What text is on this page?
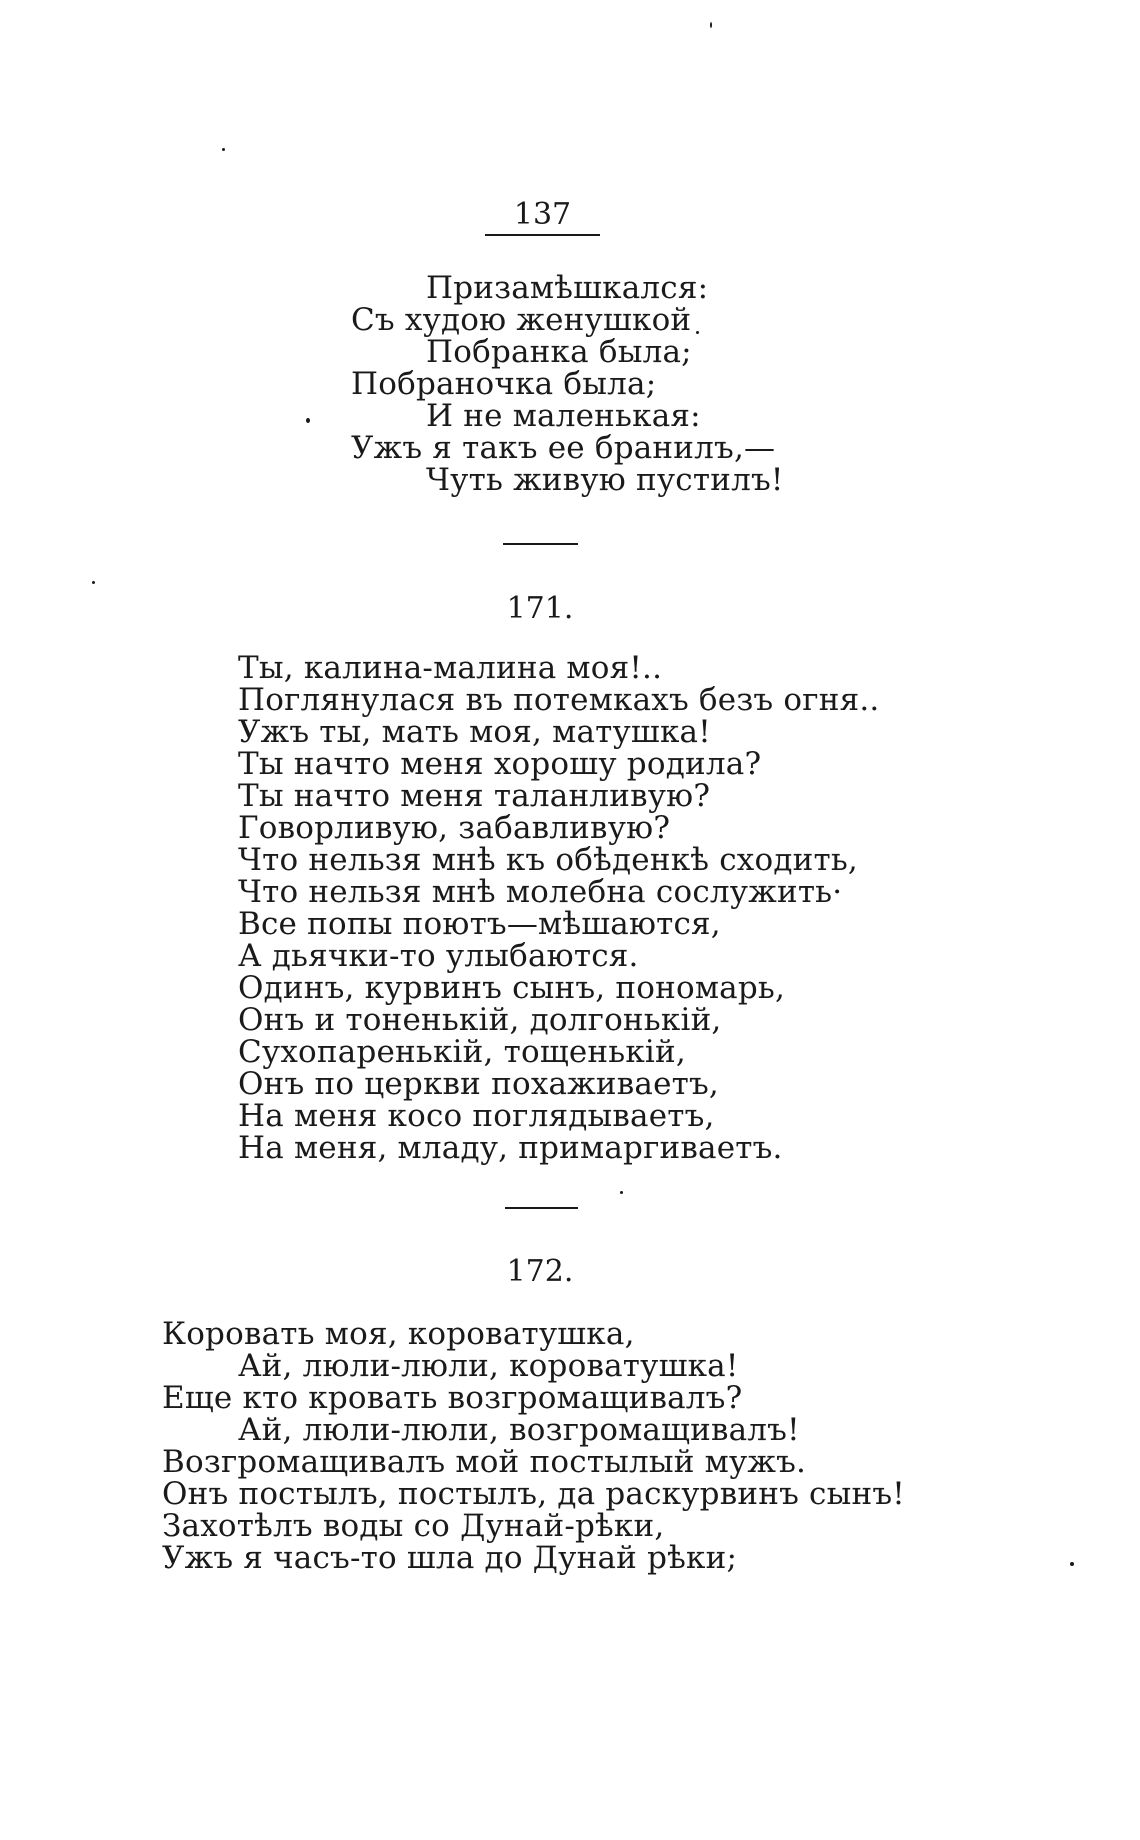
137
Призамѣшкался:
Съ худою женушкой
Побранка была;
Побраночка была;
И не маленькая:
Ужъ я такъ ее бранилъ,—
Чуть живую пустилъ!
171.
Ты, калина-малина моя!..
Поглянулася въ потемкахъ безъ огня..
Ужъ ты, мать моя, матушка!
Ты начто меня хорошу родила?
Ты начто меня таланливую?
Говорливую, забавливую?
Что нельзя мнѣ къ обѣденкѣ сходить,
Что нельзя мнѣ молебна сослужить·
Все попы поютъ—мѣшаются,
А дьячки-то улыбаются.
Одинъ, курвинъ сынъ, пономарь,
Онъ и тоненькій, долгонькій,
Сухопаренькій, тощенькій,
Онъ по церкви похаживаетъ,
На меня косо поглядываетъ,
На меня, младу, примаргиваетъ.
172.
Коровать моя, короватушка,
Ай, люли-люли, короватушка!
Еще кто кровать возгромащивалъ?
Ай, люли-люли, возгромащивалъ!
Возгромащивалъ мой постылый мужъ.
Онъ постылъ, постылъ, да раскурвинъ сынъ!
Захотѣлъ воды со Дунай-рѣки,
Ужъ я часъ-то шла до Дунай рѣки;
